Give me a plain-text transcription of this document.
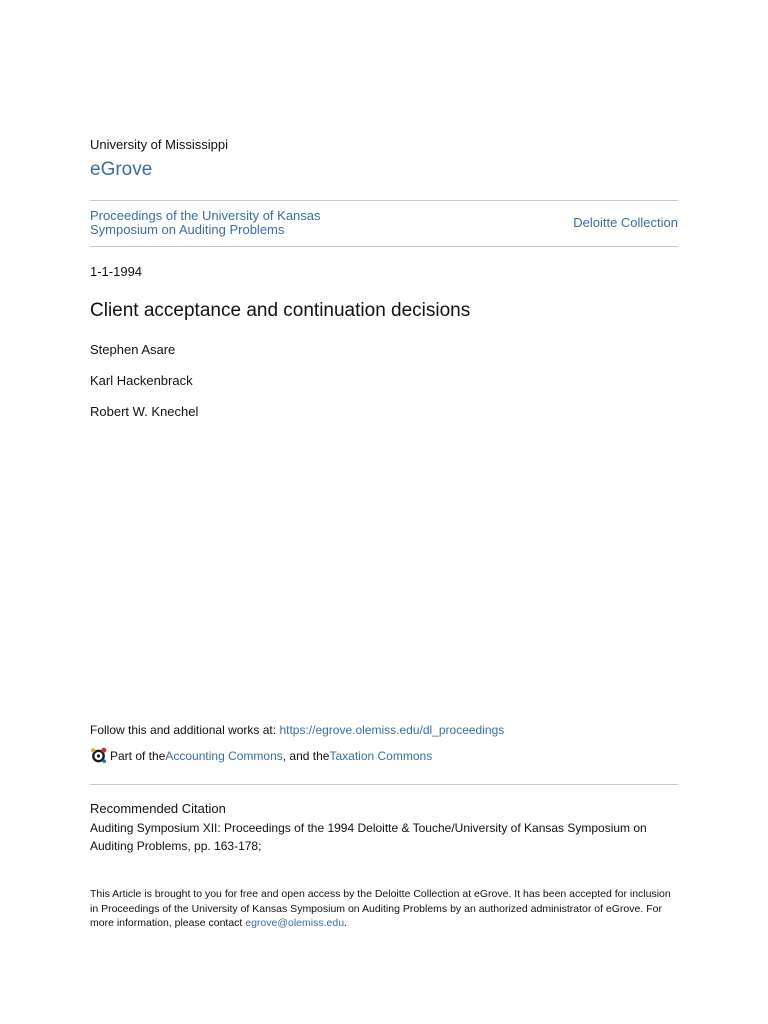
University of Mississippi
eGrove
Proceedings of the University of Kansas Symposium on Auditing Problems	Deloitte Collection
1-1-1994
Client acceptance and continuation decisions
Stephen Asare
Karl Hackenbrack
Robert W. Knechel
Follow this and additional works at: https://egrove.olemiss.edu/dl_proceedings
Part of the Accounting Commons , and the Taxation Commons
Recommended Citation
Auditing Symposium XII: Proceedings of the 1994 Deloitte & Touche/University of Kansas Symposium on Auditing Problems, pp. 163-178;
This Article is brought to you for free and open access by the Deloitte Collection at eGrove. It has been accepted for inclusion in Proceedings of the University of Kansas Symposium on Auditing Problems by an authorized administrator of eGrove. For more information, please contact egrove@olemiss.edu.
